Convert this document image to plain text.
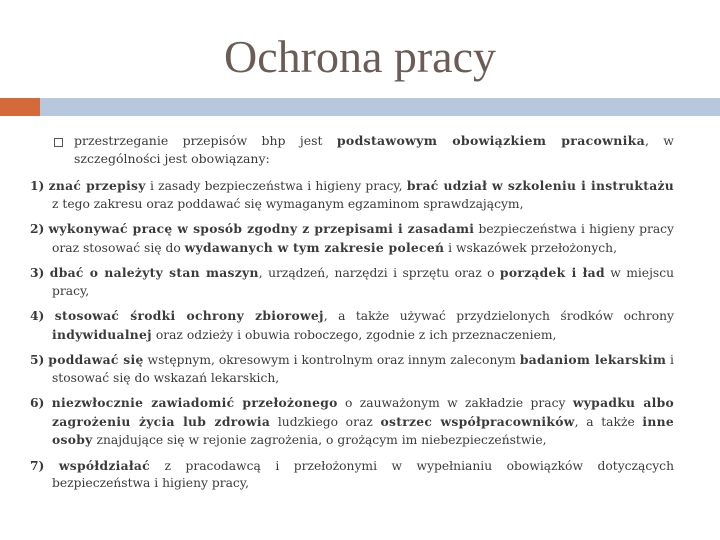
Ochrona pracy

przestrzeganie przepisów bhp jest podstawowym obowiązkiem pracownika, w szczególności jest obowiązany:

1) znać przepisy i zasady bezpieczeństwa i higieny pracy, brać udział w szkoleniu i instruktażu z tego zakresu oraz poddawać się wymaganym egzaminom sprawdzającym,

2) wykonywać pracę w sposób zgodny z przepisami i zasadami bezpieczeństwa i higieny pracy oraz stosować się do wydawanych w tym zakresie poleceń i wskazówek przełożonych,

3) dbać o należyty stan maszyn, urządzeń, narzędzi i sprzętu oraz o porządek i ład w miejscu pracy,

4) stosować środki ochrony zbiorowej, a także używać przydzielonych środków ochrony indywidualnej oraz odzieży i obuwia roboczego, zgodnie z ich przeznaczeniem,

5) poddawać się wstępnym, okresowym i kontrolnym oraz innym zaleconym badaniom lekarskim i stosować się do wskazań lekarskich,

6) niezwłocznie zawiadomić przełożonego o zauważonym w zakładzie pracy wypadku albo zagrożeniu życia lub zdrowia ludzkiego oraz ostrzec współpracowników, a także inne osoby znajdujące się w rejonie zagrożenia, o grożącym im niebezpieczeństwie,

7) współdziałać z pracodawcą i przełożonymi w wypełnianiu obowiązków dotyczących bezpieczeństwa i higieny pracy,
